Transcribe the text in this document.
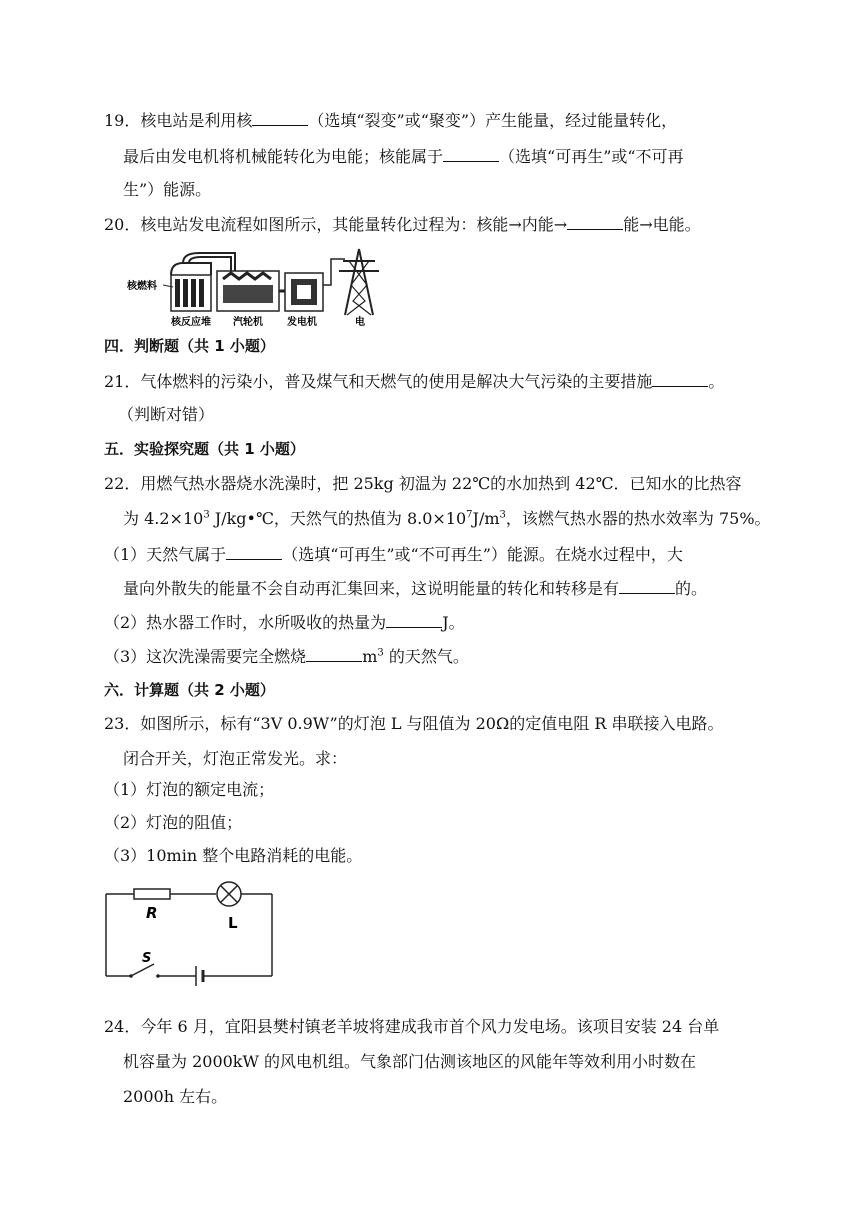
19．核电站是利用核	（选填“裂变”或“聚变”）产生能量，经过能量转化，
最后由发电机将机械能转化为电能；核能属于	（选填“可再生”或“不可再
生”）能源。
20．核电站发电流程如图所示，其能量转化过程为：核能→内能→	能→电能。
核燃料
核反应堆 汽轮机 发电机	电
四．判断题（共 1 小题）
21．气体燃料的污染小，普及煤气和天燃气的使用是解决大气污染的主要措施	。
（判断对错）
五．实验探究题（共 1 小题）
22．用燃气热水器烧水洗澡时，把 25kg 初温为 22℃的水加热到 42℃．已知水的比热容
为 $4.2\times 10^3$ J/kg•℃，天然气的热值为 $8.0\times 10^7J/m^3$，该燃气热水器的热水效率为 75%。
（1）天然气属于	（选填“可再生”或“不可再生”）能源。在烧水过程中，大
量向外散失的能量不会自动再汇集回来，这说明能量的转化和转移是有	的。
（2）热水器工作时，水所吸收的热量为	J。
（3）这次洗澡需要完全燃烧	$m^3$ 的天然气。
六．计算题（共 2 小题）
23．如图所示，标有“3V 0.9W”的灯泡 L 与阻值为 20Ω的定值电阻 R 串联接入电路。
闭合开关，灯泡正常发光。求：
（1）灯泡的额定电流；
（2）灯泡的阻值；
（3）10min 整个电路消耗的电能。
R
L
S
24．今年 6 月，宜阳县樊村镇老羊坡将建成我市首个风力发电场。该项目安装 24 台单
机容量为 2000kW 的风电机组。气象部门估测该地区的风能年等效利用小时数在
2000h 左右。
